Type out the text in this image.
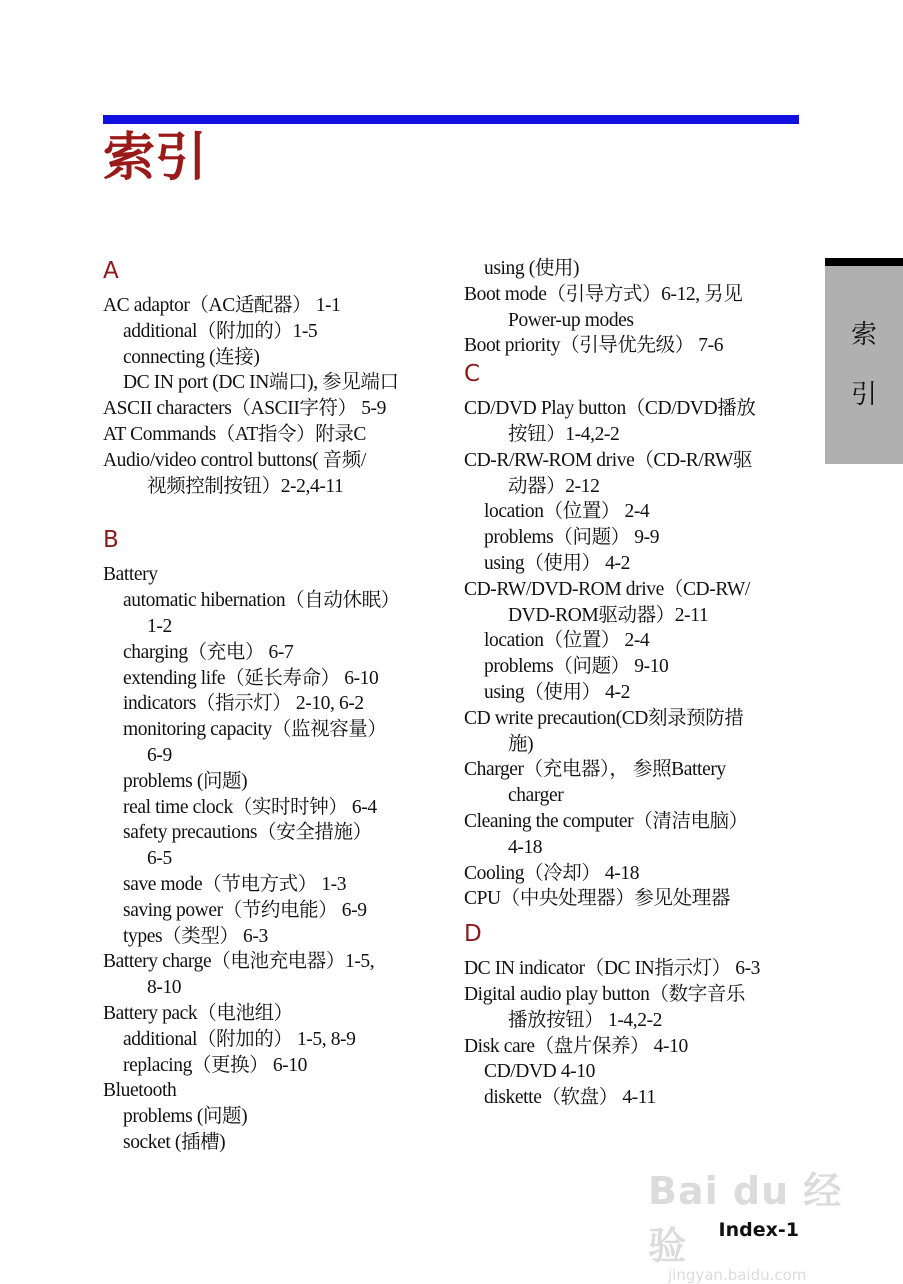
索引
索
引
A
AC adaptor（AC适配器） 1-1
additional（附加的）1-5
connecting (连接)
DC IN port (DC IN端口), 参见端口
ASCII characters（ASCII字符） 5-9
AT Commands（AT指令）附录C
Audio/video control buttons( 音频/
视频控制按钮）2-2,4-11
B
Battery
automatic hibernation（自动休眠）
1-2
charging（充电） 6-7
extending life（延长寿命） 6-10
indicators（指示灯） 2-10, 6-2
monitoring capacity（监视容量）
6-9
problems (问题)
real time clock（实时时钟） 6-4
safety precautions（安全措施）
6-5
save mode（节电方式） 1-3
saving power（节约电能） 6-9
types（类型） 6-3
Battery charge（电池充电器）1-5,
8-10
Battery pack（电池组）
additional（附加的） 1-5, 8-9
replacing（更换） 6-10
Bluetooth
problems (问题)
socket (插槽)
using (使用)
Boot mode（引导方式）6-12, 另见
Power-up modes
Boot priority（引导优先级） 7-6
C
CD/DVD Play button（CD/DVD播放
按钮）1-4,2-2
CD-R/RW-ROM drive（CD-R/RW驱
动器）2-12
location（位置） 2-4
problems（问题） 9-9
using（使用） 4-2
CD-RW/DVD-ROM drive（CD-RW/
DVD-ROM驱动器）2-11
location（位置） 2-4
problems（问题） 9-10
using（使用） 4-2
CD write precaution(CD刻录预防措
施)
Charger（充电器）， 参照Battery
charger
Cleaning the computer（清洁电脑）
4-18
Cooling（冷却） 4-18
CPU（中央处理器）参见处理器
D
DC IN indicator（DC IN指示灯） 6-3
Digital audio play button（数字音乐
播放按钮） 1-4,2-2
Disk care（盘片保养） 4-10
CD/DVD 4-10
diskette（软盘） 4-11
Bai du 经验
jingyan.baidu.com
Index-1
